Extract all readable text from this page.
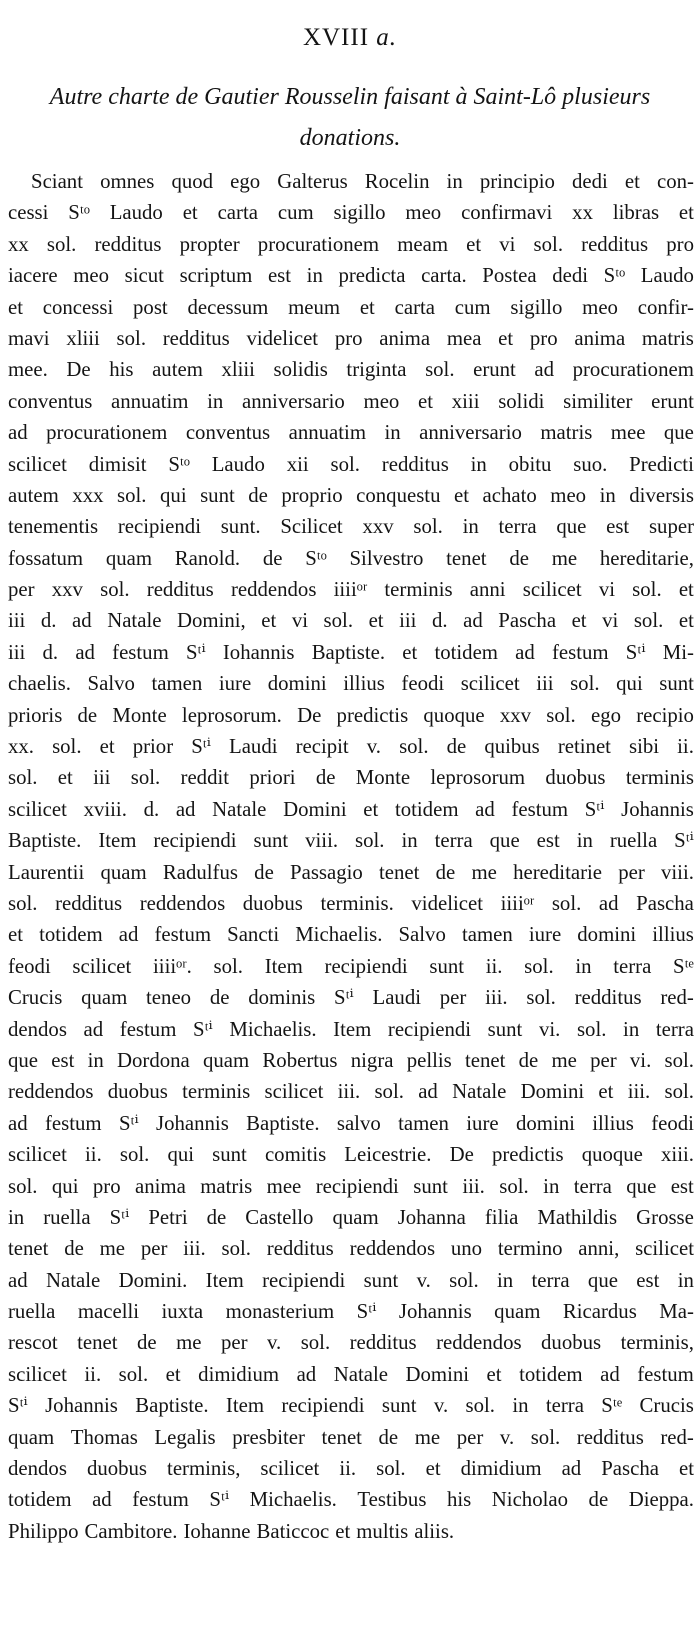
XVIII a.
Autre charte de Gautier Rousselin faisant à Saint-Lô plusieurs donations.
Sciant omnes quod ego Galterus Rocelin in principio dedi et con-
cessi Sᵗᵒ Laudo et carta cum sigillo meo confirmavi xx libras et
xx sol. redditus propter procurationem meam et vi sol. redditus pro
iacere meo sicut scriptum est in predicta carta. Postea dedi Sᵗᵒ Laudo
et concessi post decessum meum et carta cum sigillo meo confir-
mavi xliii sol. redditus videlicet pro anima mea et pro anima matris
mee. De his autem xliii solidis triginta sol. erunt ad procurationem
conventus annuatim in anniversario meo et xiii solidi similiter erunt
ad procurationem conventus annuatim in anniversario matris mee que
scilicet dimisit Sᵗᵒ Laudo xii sol. redditus in obitu suo. Predicti
autem xxx sol. qui sunt de proprio conquestu et achato meo in diversis
tenementis recipiendi sunt. Scilicet xxv sol. in terra que est super
fossatum quam Ranold. de Sᵗᵒ Silvestro tenet de me hereditarie,
per xxv sol. redditus reddendos iiiiᵒʳ terminis anni scilicet vi sol. et
iii d. ad Natale Domini, et vi sol. et iii d. ad Pascha et vi sol. et
iii d. ad festum Sᵗⁱ Iohannis Baptiste. et totidem ad festum Sᵗⁱ Mi-
chaelis. Salvo tamen iure domini illius feodi scilicet iii sol. qui sunt
prioris de Monte leprosorum. De predictis quoque xxv sol. ego recipio
xx. sol. et prior Sᵗⁱ Laudi recipit v. sol. de quibus retinet sibi ii.
sol. et iii sol. reddit priori de Monte leprosorum duobus terminis
scilicet xviii. d. ad Natale Domini et totidem ad festum Sᵗⁱ Johannis
Baptiste. Item recipiendi sunt viii. sol. in terra que est in ruella Sᵗⁱ
Laurentii quam Radulfus de Passagio tenet de me hereditarie per viii.
sol. redditus reddendos duobus terminis. videlicet iiiiᵒʳ sol. ad Pascha
et totidem ad festum Sancti Michaelis. Salvo tamen iure domini illius
feodi scilicet iiiiᵒʳ. sol. Item recipiendi sunt ii. sol. in terra Sᵗᵉ
Crucis quam teneo de dominis Sᵗⁱ Laudi per iii. sol. redditus red-
dendos ad festum Sᵗⁱ Michaelis. Item recipiendi sunt vi. sol. in terra
que est in Dordona quam Robertus nigra pellis tenet de me per vi. sol.
reddendos duobus terminis scilicet iii. sol. ad Natale Domini et iii. sol.
ad festum Sᵗⁱ Johannis Baptiste. salvo tamen iure domini illius feodi
scilicet ii. sol. qui sunt comitis Leicestrie. De predictis quoque xiii.
sol. qui pro anima matris mee recipiendi sunt iii. sol. in terra que est
in ruella Sᵗⁱ Petri de Castello quam Johanna filia Mathildis Grosse
tenet de me per iii. sol. redditus reddendos uno termino anni, scilicet
ad Natale Domini. Item recipiendi sunt v. sol. in terra que est in
ruella macelli iuxta monasterium Sᵗⁱ Johannis quam Ricardus Ma-
rescot tenet de me per v. sol. redditus reddendos duobus terminis,
scilicet ii. sol. et dimidium ad Natale Domini et totidem ad festum
Sᵗⁱ Johannis Baptiste. Item recipiendi sunt v. sol. in terra Sᵗᵉ Crucis
quam Thomas Legalis presbiter tenet de me per v. sol. redditus red-
dendos duobus terminis, scilicet ii. sol. et dimidium ad Pascha et
totidem ad festum Sᵗⁱ Michaelis. Testibus his Nicholao de Dieppa.
Philippo Cambitore. Iohanne Baticcoc et multis aliis.
